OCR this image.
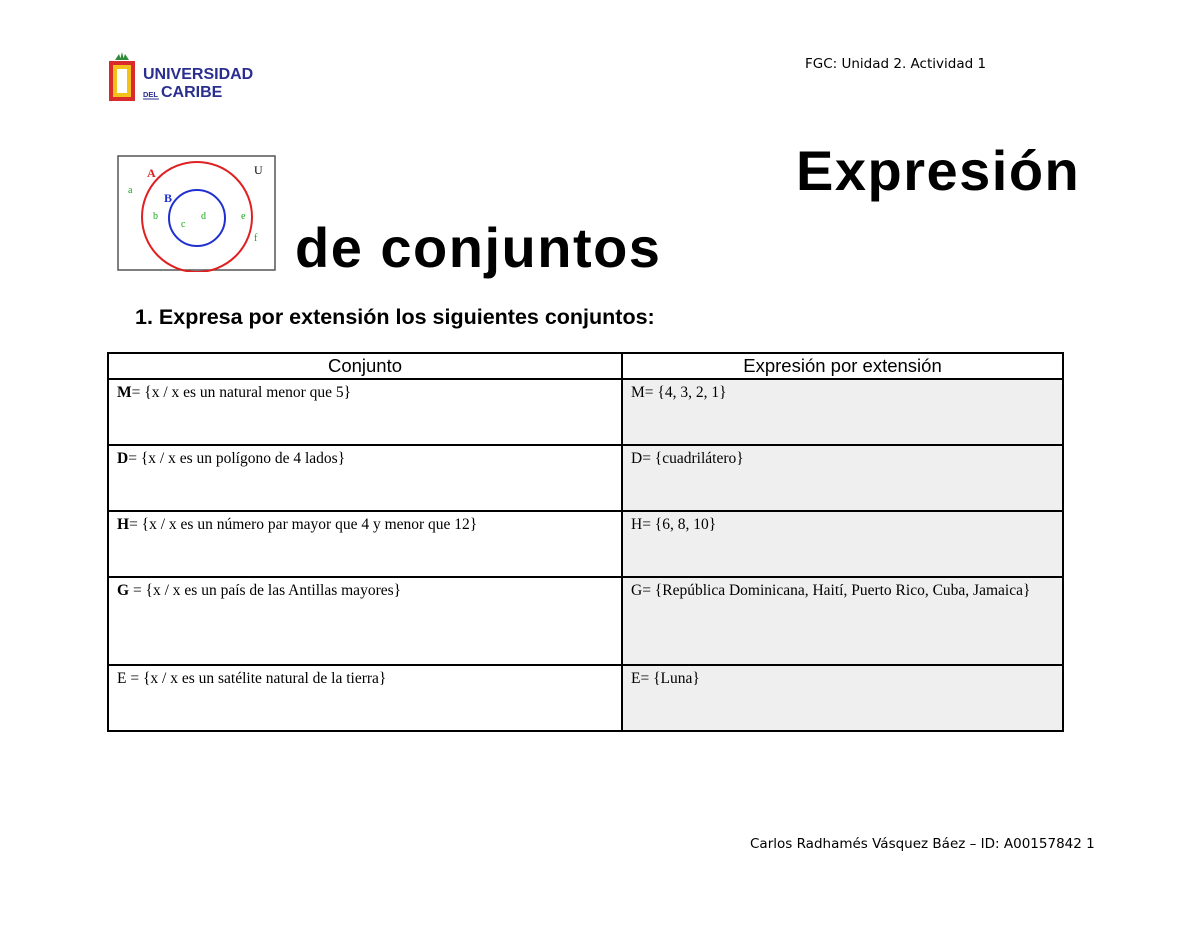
UNIVERSIDAD
DEL CARIBE
FGC: Unidad 2. Actividad 1
U
A
B
a
b
c
d	e
f
Expresión
de conjuntos
1. Expresa por extensión los siguientes conjuntos:
Conjunto	Expresión por extensión
M= {x / x es un natural menor que 5}	M= {4, 3, 2, 1}
D= {x / x es un polígono de 4 lados}	D= {cuadrilátero}
H= {x / x es un número par mayor que 4 y menor que 12}	H= {6, 8, 10}
G = {x / x es un país de las Antillas mayores}	G= {República Dominicana, Haití, Puerto Rico, Cuba, Jamaica}
E = {x / x es un satélite natural de la tierra}	E= {Luna}
Carlos Radhamés Vásquez Báez – ID: A00157842 1
